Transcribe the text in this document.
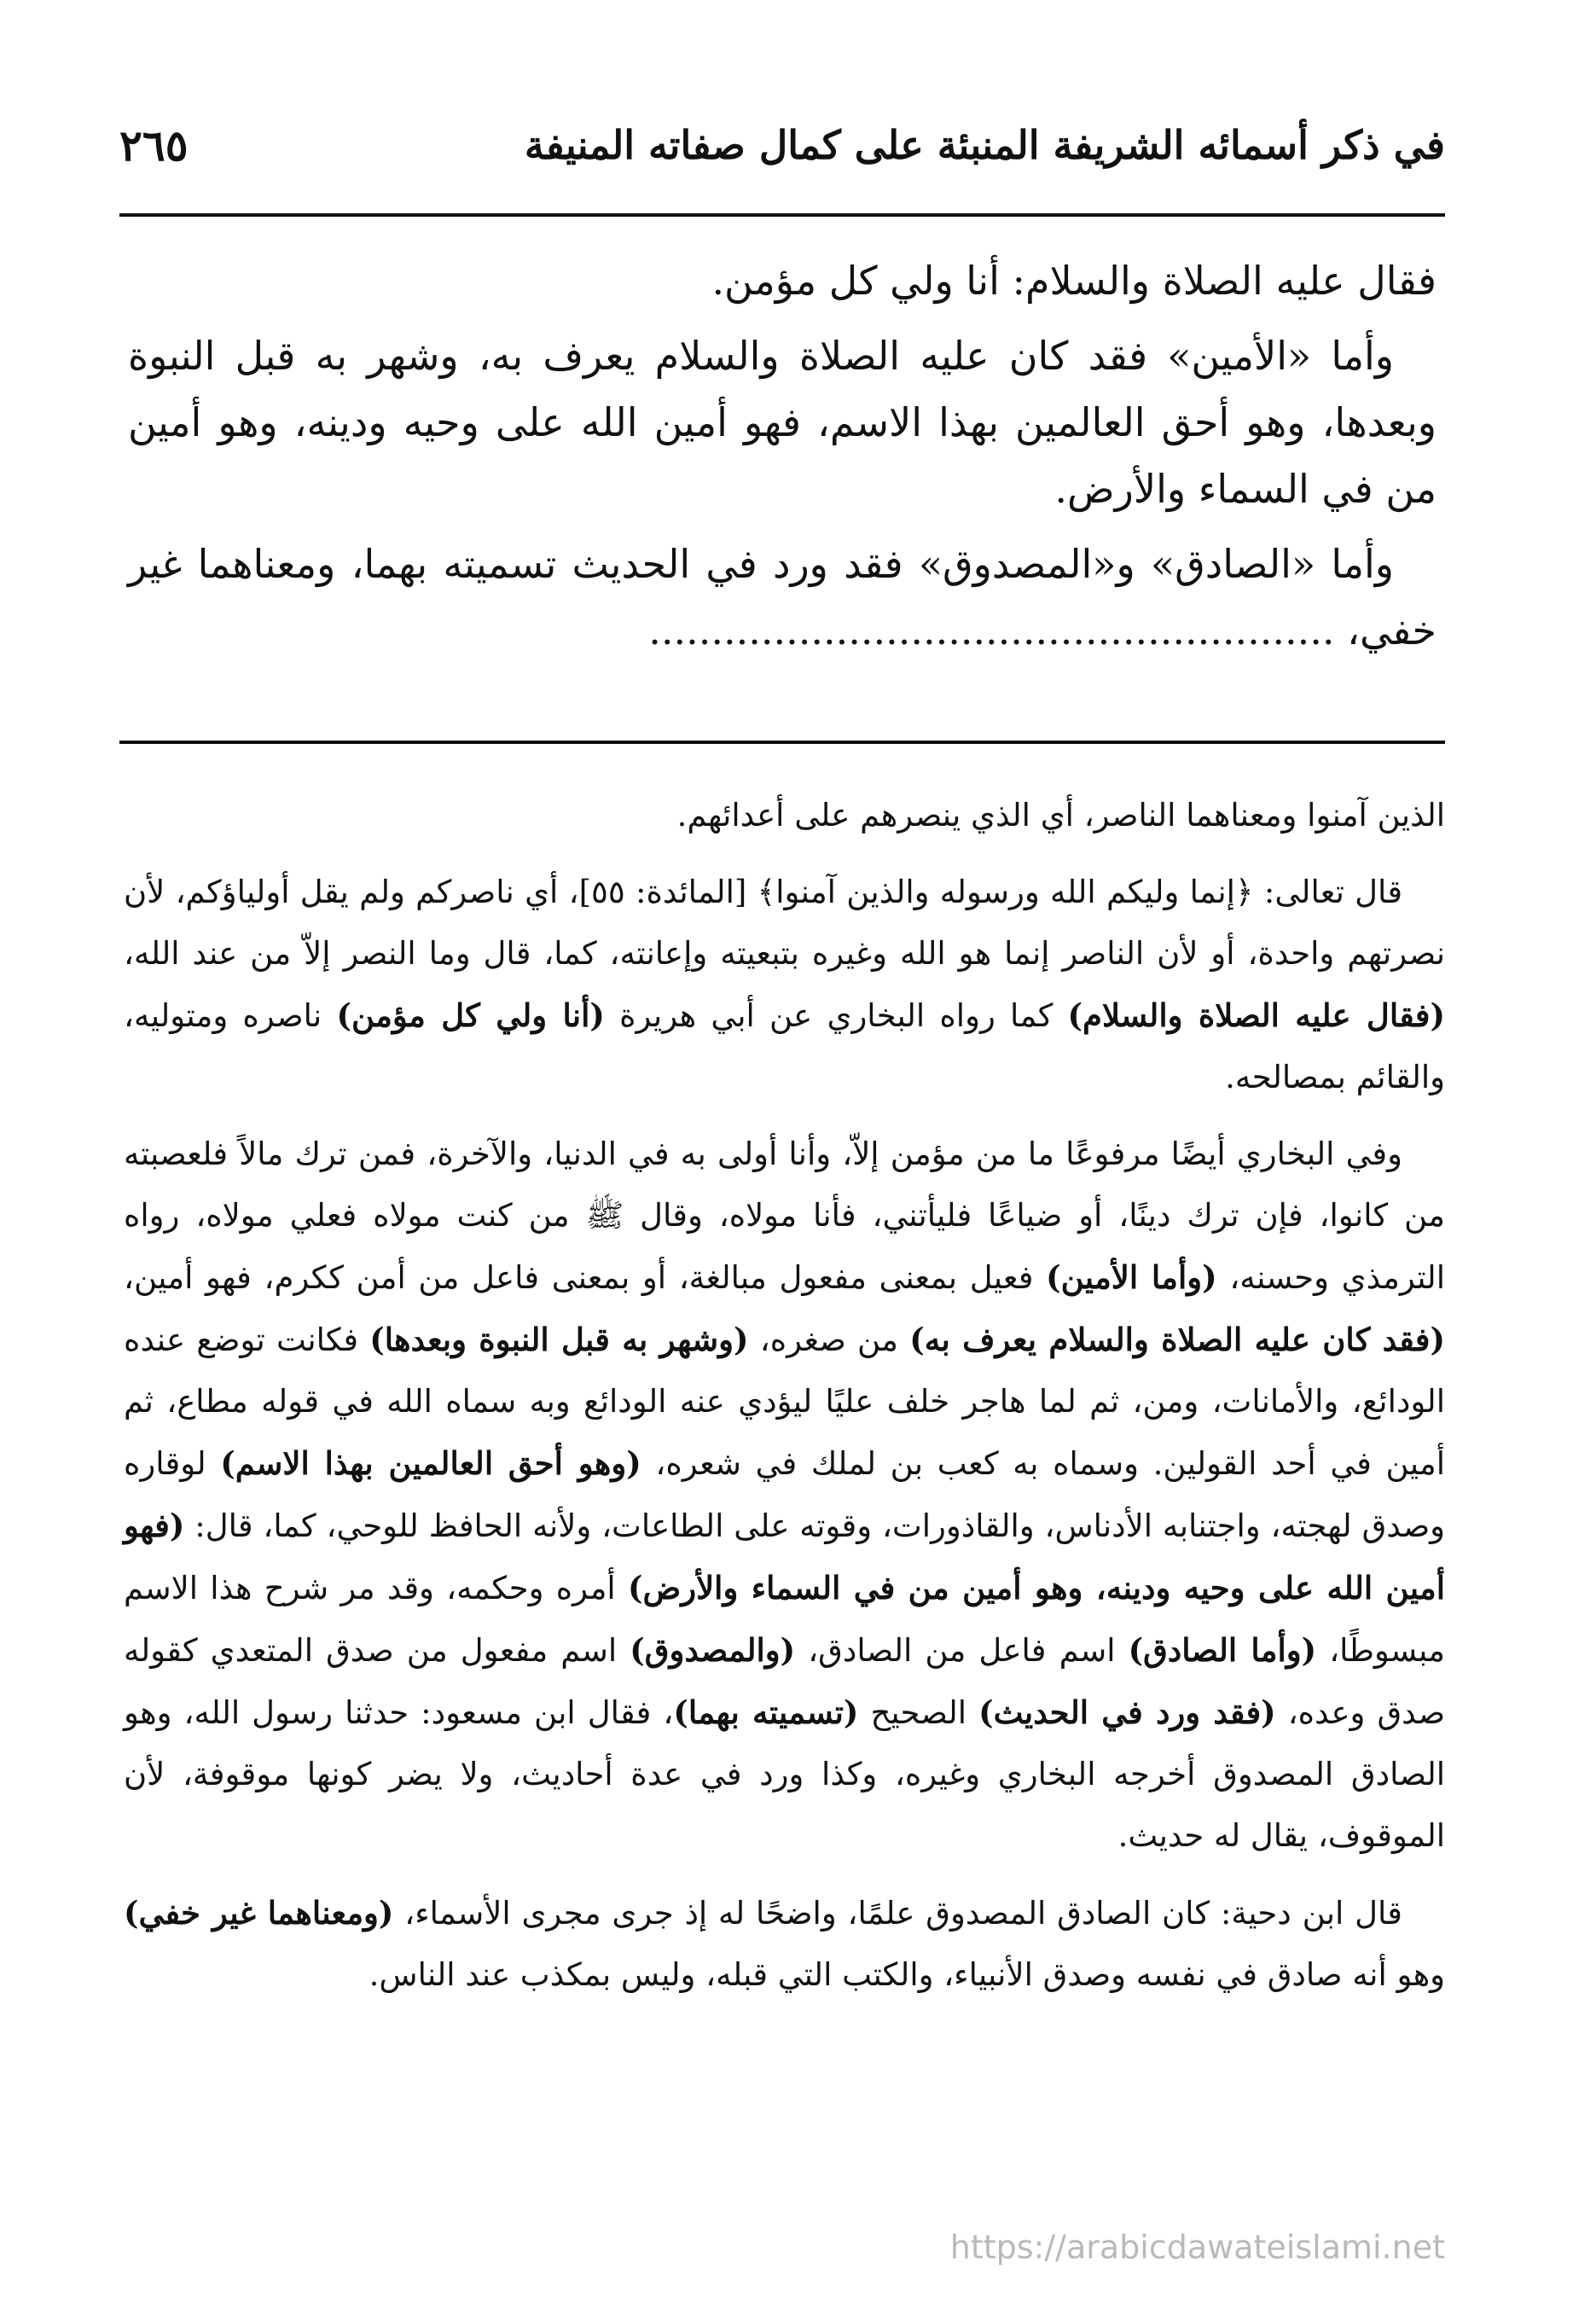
٢٦٥	في ذكر أسمائه الشريفة المنبئة على كمال صفاته المنيفة

فقال عليه الصلاة والسلام: أنا ولي كل مؤمن.

وأما «الأمين» فقد كان عليه الصلاة والسلام يعرف به، وشهر به قبل النبوة وبعدها، وهو أحق العالمين بهذا الاسم، فهو أمين الله على وحيه ودينه، وهو أمين من في السماء والأرض.

وأما «الصادق» و«المصدوق» فقد ورد في الحديث تسميته بهما، ومعناهما غير خفي، .......................................................

الذين آمنوا ومعناهما الناصر، أي الذي ينصرهم على أعدائهم.

قال تعالى: ﴿إنما وليكم الله ورسوله والذين آمنوا﴾ [المائدة: ٥٥]، أي ناصركم ولم يقل أولياؤكم، لأن نصرتهم واحدة، أو لأن الناصر إنما هو الله وغيره بتبعيته وإعانته، كما، قال وما النصر إلاّ من عند الله، (فقال عليه الصلاة والسلام) كما رواه البخاري عن أبي هريرة (أنا ولي كل مؤمن) ناصره ومتوليه، والقائم بمصالحه.

وفي البخاري أيضًا مرفوعًا ما من مؤمن إلاّ، وأنا أولى به في الدنيا، والآخرة، فمن ترك مالاً فلعصبته من كانوا، فإن ترك دينًا، أو ضياعًا فليأتني، فأنا مولاه، وقال ﷺ من كنت مولاه فعلي مولاه، رواه الترمذي وحسنه، (وأما الأمين) فعيل بمعنى مفعول مبالغة، أو بمعنى فاعل من أمن ككرم، فهو أمين، (فقد كان عليه الصلاة والسلام يعرف به) من صغره، (وشهر به قبل النبوة وبعدها) فكانت توضع عنده الودائع، والأمانات، ومن، ثم لما هاجر خلف عليًا ليؤدي عنه الودائع وبه سماه الله في قوله مطاع، ثم أمين في أحد القولين. وسماه به كعب بن لملك في شعره، (وهو أحق العالمين بهذا الاسم) لوقاره وصدق لهجته، واجتنابه الأدناس، والقاذورات، وقوته على الطاعات، ولأنه الحافظ للوحي، كما، قال: (فهو أمين الله على وحيه ودينه، وهو أمين من في السماء والأرض) أمره وحكمه، وقد مر شرح هذا الاسم مبسوطًا، (وأما الصادق) اسم فاعل من الصادق، (والمصدوق) اسم مفعول من صدق المتعدي كقوله صدق وعده، (فقد ورد في الحديث) الصحيح (تسميته بهما)، فقال ابن مسعود: حدثنا رسول الله، وهو الصادق المصدوق أخرجه البخاري وغيره، وكذا ورد في عدة أحاديث، ولا يضر كونها موقوفة، لأن الموقوف، يقال له حديث.

قال ابن دحية: كان الصادق المصدوق علمًا، واضحًا له إذ جرى مجرى الأسماء، (ومعناهما غير خفي) وهو أنه صادق في نفسه وصدق الأنبياء، والكتب التي قبله، وليس بمكذب عند الناس.

https://arabicdawateislami.net
